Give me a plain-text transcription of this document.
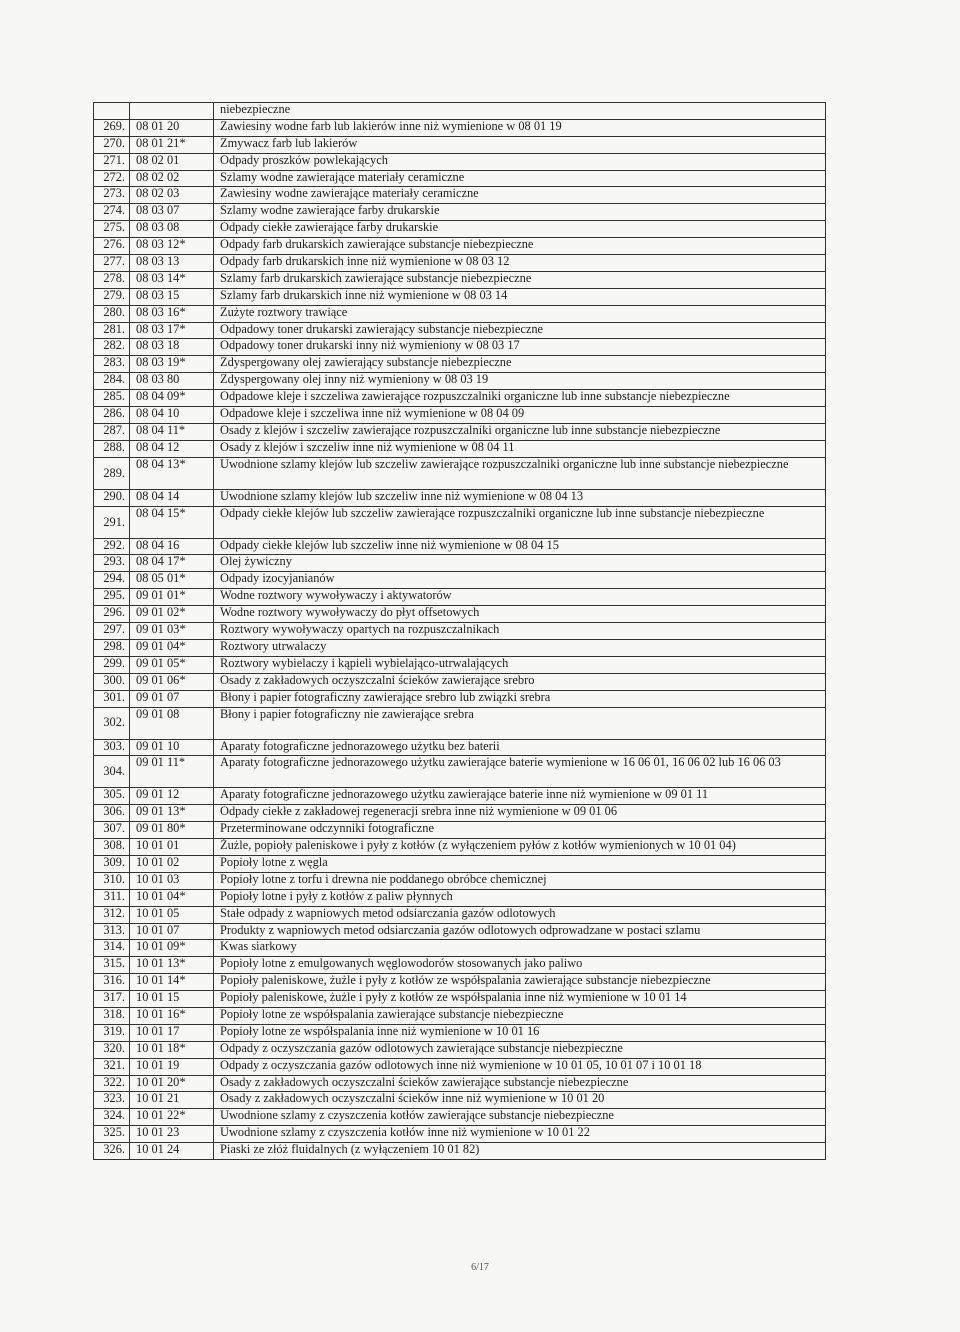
		niebezpieczne
269.	08 01 20	Zawiesiny wodne farb lub lakierów inne niż wymienione w 08 01 19
270.	08 01 21*	Zmywacz farb lub lakierów
271.	08 02 01	Odpady proszków powlekających
272.	08 02 02	Szlamy wodne zawierające materiały ceramiczne
273.	08 02 03	Zawiesiny wodne zawierające materiały ceramiczne
274.	08 03 07	Szlamy wodne zawierające farby drukarskie
275.	08 03 08	Odpady ciekłe zawierające farby drukarskie
276.	08 03 12*	Odpady farb drukarskich zawierające substancje niebezpieczne
277.	08 03 13	Odpady farb drukarskich inne niż wymienione w 08 03 12
278.	08 03 14*	Szlamy farb drukarskich zawierające substancje niebezpieczne
279.	08 03 15	Szlamy farb drukarskich inne niż wymienione w 08 03 14
280.	08 03 16*	Zużyte roztwory trawiące
281.	08 03 17*	Odpadowy toner drukarski zawierający substancje niebezpieczne
282.	08 03 18	Odpadowy toner drukarski inny niż wymieniony w 08 03 17
283.	08 03 19*	Zdyspergowany olej zawierający substancje niebezpieczne
284.	08 03 80	Zdyspergowany olej inny niż wymieniony w 08 03 19
285.	08 04 09*	Odpadowe kleje i szczeliwa zawierające rozpuszczalniki organiczne lub inne substancje niebezpieczne
286.	08 04 10	Odpadowe kleje i szczeliwa inne niż wymienione w 08 04 09
287.	08 04 11*	Osady z klejów i szczeliw zawierające rozpuszczalniki organiczne lub inne substancje niebezpieczne
288.	08 04 12	Osady z klejów i szczeliw inne niż wymienione w 08 04 11
289.	08 04 13*	Uwodnione szlamy klejów lub szczeliw zawierające rozpuszczalniki organiczne lub inne substancje niebezpieczne
290.	08 04 14	Uwodnione szlamy klejów lub szczeliw inne niż wymienione w 08 04 13
291.	08 04 15*	Odpady ciekłe klejów lub szczeliw zawierające rozpuszczalniki organiczne lub inne substancje niebezpieczne
292.	08 04 16	Odpady ciekłe klejów lub szczeliw inne niż wymienione w 08 04 15
293.	08 04 17*	Olej żywiczny
294.	08 05 01*	Odpady izocyjanianów
295.	09 01 01*	Wodne roztwory wywoływaczy i aktywatorów
296.	09 01 02*	Wodne roztwory wywoływaczy do płyt offsetowych
297.	09 01 03*	Roztwory wywoływaczy opartych na rozpuszczalnikach
298.	09 01 04*	Roztwory utrwalaczy
299.	09 01 05*	Roztwory wybielaczy i kąpieli wybielająco-utrwalających
300.	09 01 06*	Osady z zakładowych oczyszczalni ścieków zawierające srebro
301.	09 01 07	Błony i papier fotograficzny zawierające srebro lub związki srebra
302.	09 01 08	Błony i papier fotograficzny nie zawierające srebra
303.	09 01 10	Aparaty fotograficzne jednorazowego użytku bez baterii
304.	09 01 11*	Aparaty fotograficzne jednorazowego użytku zawierające baterie wymienione w 16 06 01, 16 06 02 lub 16 06 03
305.	09 01 12	Aparaty fotograficzne jednorazowego użytku zawierające baterie inne niż wymienione w 09 01 11
306.	09 01 13*	Odpady ciekłe z zakładowej regeneracji srebra inne niż wymienione w 09 01 06
307.	09 01 80*	Przeterminowane odczynniki fotograficzne
308.	10 01 01	Żużle, popioły paleniskowe i pyły z kotłów (z wyłączeniem pyłów z kotłów wymienionych w 10 01 04)
309.	10 01 02	Popioły lotne z węgla
310.	10 01 03	Popioły lotne z torfu i drewna nie poddanego obróbce chemicznej
311.	10 01 04*	Popioły lotne i pyły z kotłów z paliw płynnych
312.	10 01 05	Stałe odpady z wapniowych metod odsiarczania gazów odlotowych
313.	10 01 07	Produkty z wapniowych metod odsiarczania gazów odlotowych odprowadzane w postaci szlamu
314.	10 01 09*	Kwas siarkowy
315.	10 01 13*	Popioły lotne z emulgowanych węglowodorów stosowanych jako paliwo
316.	10 01 14*	Popioły paleniskowe, żużle i pyły z kotłów ze współspalania zawierające substancje niebezpieczne
317.	10 01 15	Popioły paleniskowe, żużle i pyły z kotłów ze współspalania inne niż wymienione w 10 01 14
318.	10 01 16*	Popioły lotne ze współspalania zawierające substancje niebezpieczne
319.	10 01 17	Popioły lotne ze współspalania inne niż wymienione w 10 01 16
320.	10 01 18*	Odpady z oczyszczania gazów odlotowych zawierające substancje niebezpieczne
321.	10 01 19	Odpady z oczyszczania gazów odlotowych inne niż wymienione w 10 01 05, 10 01 07 i 10 01 18
322.	10 01 20*	Osady z zakładowych oczyszczalni ścieków zawierające substancje niebezpieczne
323.	10 01 21	Osady z zakładowych oczyszczalni ścieków inne niż wymienione w 10 01 20
324.	10 01 22*	Uwodnione szlamy z czyszczenia kotłów zawierające substancje niebezpieczne
325.	10 01 23	Uwodnione szlamy z czyszczenia kotłów inne niż wymienione w 10 01 22
326.	10 01 24	Piaski ze złóż fluidalnych (z wyłączeniem 10 01 82)
6/17
